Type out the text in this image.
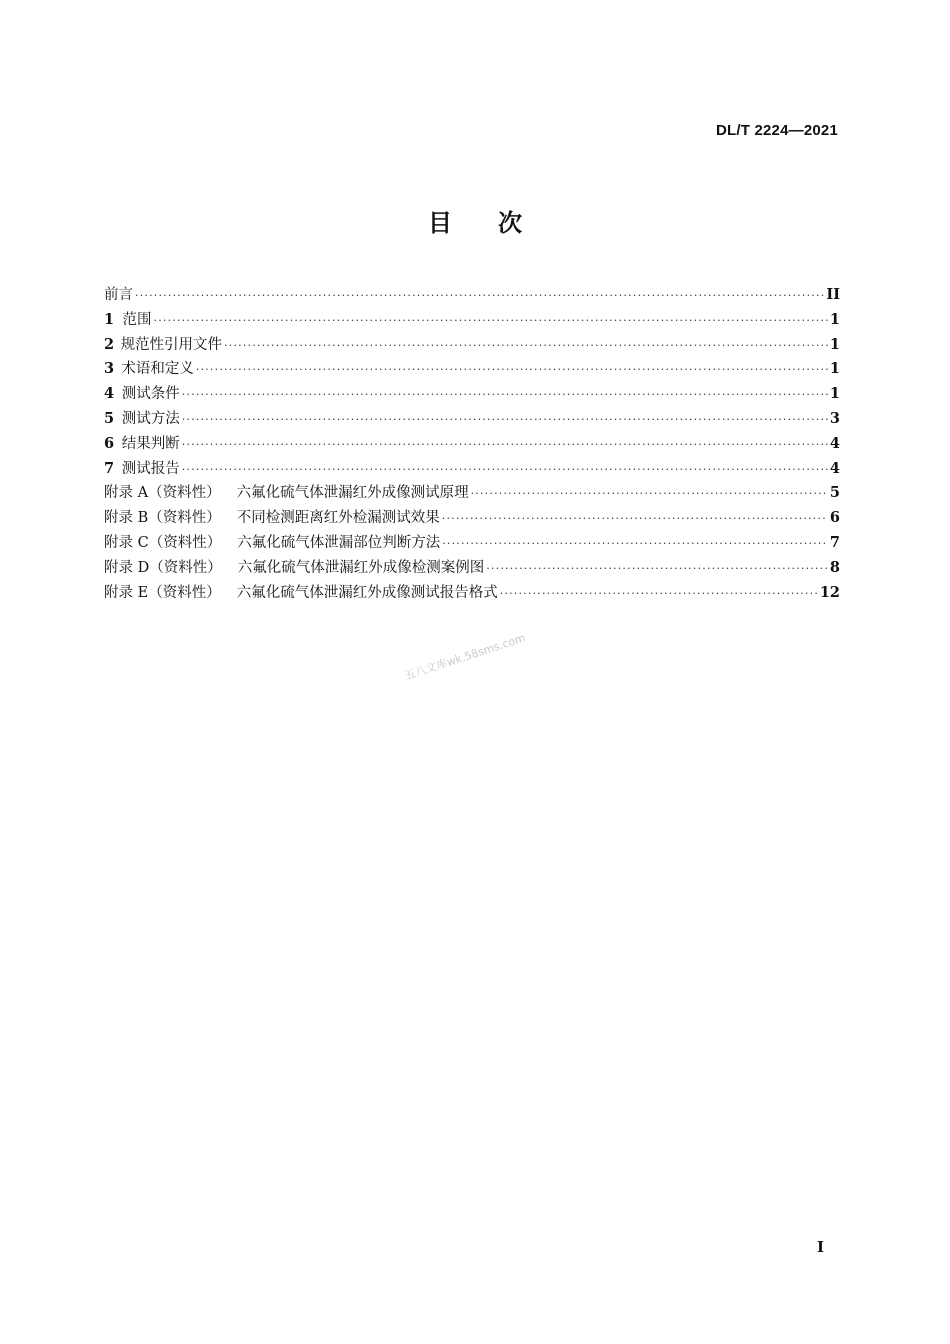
DL/T 2224—2021
目 次
前言 ·····	II
1 范围 ·····	1
2 规范性引用文件 ·····	1
3 术语和定义 ·····	1
4 测试条件 ·····	1
5 测试方法 ·····	3
6 结果判断 ·····	4
7 测试报告 ·····	4
附录 A（资料性） 六氟化硫气体泄漏红外成像测试原理 ·····	5
附录 B（资料性） 不同检测距离红外检漏测试效果 ·····	6
附录 C（资料性） 六氟化硫气体泄漏部位判断方法 ·····	7
附录 D（资料性） 六氟化硫气体泄漏红外成像检测案例图 ·····	8
附录 E（资料性） 六氟化硫气体泄漏红外成像测试报告格式 ·····	12
五八文库wk.58sms.com
I
